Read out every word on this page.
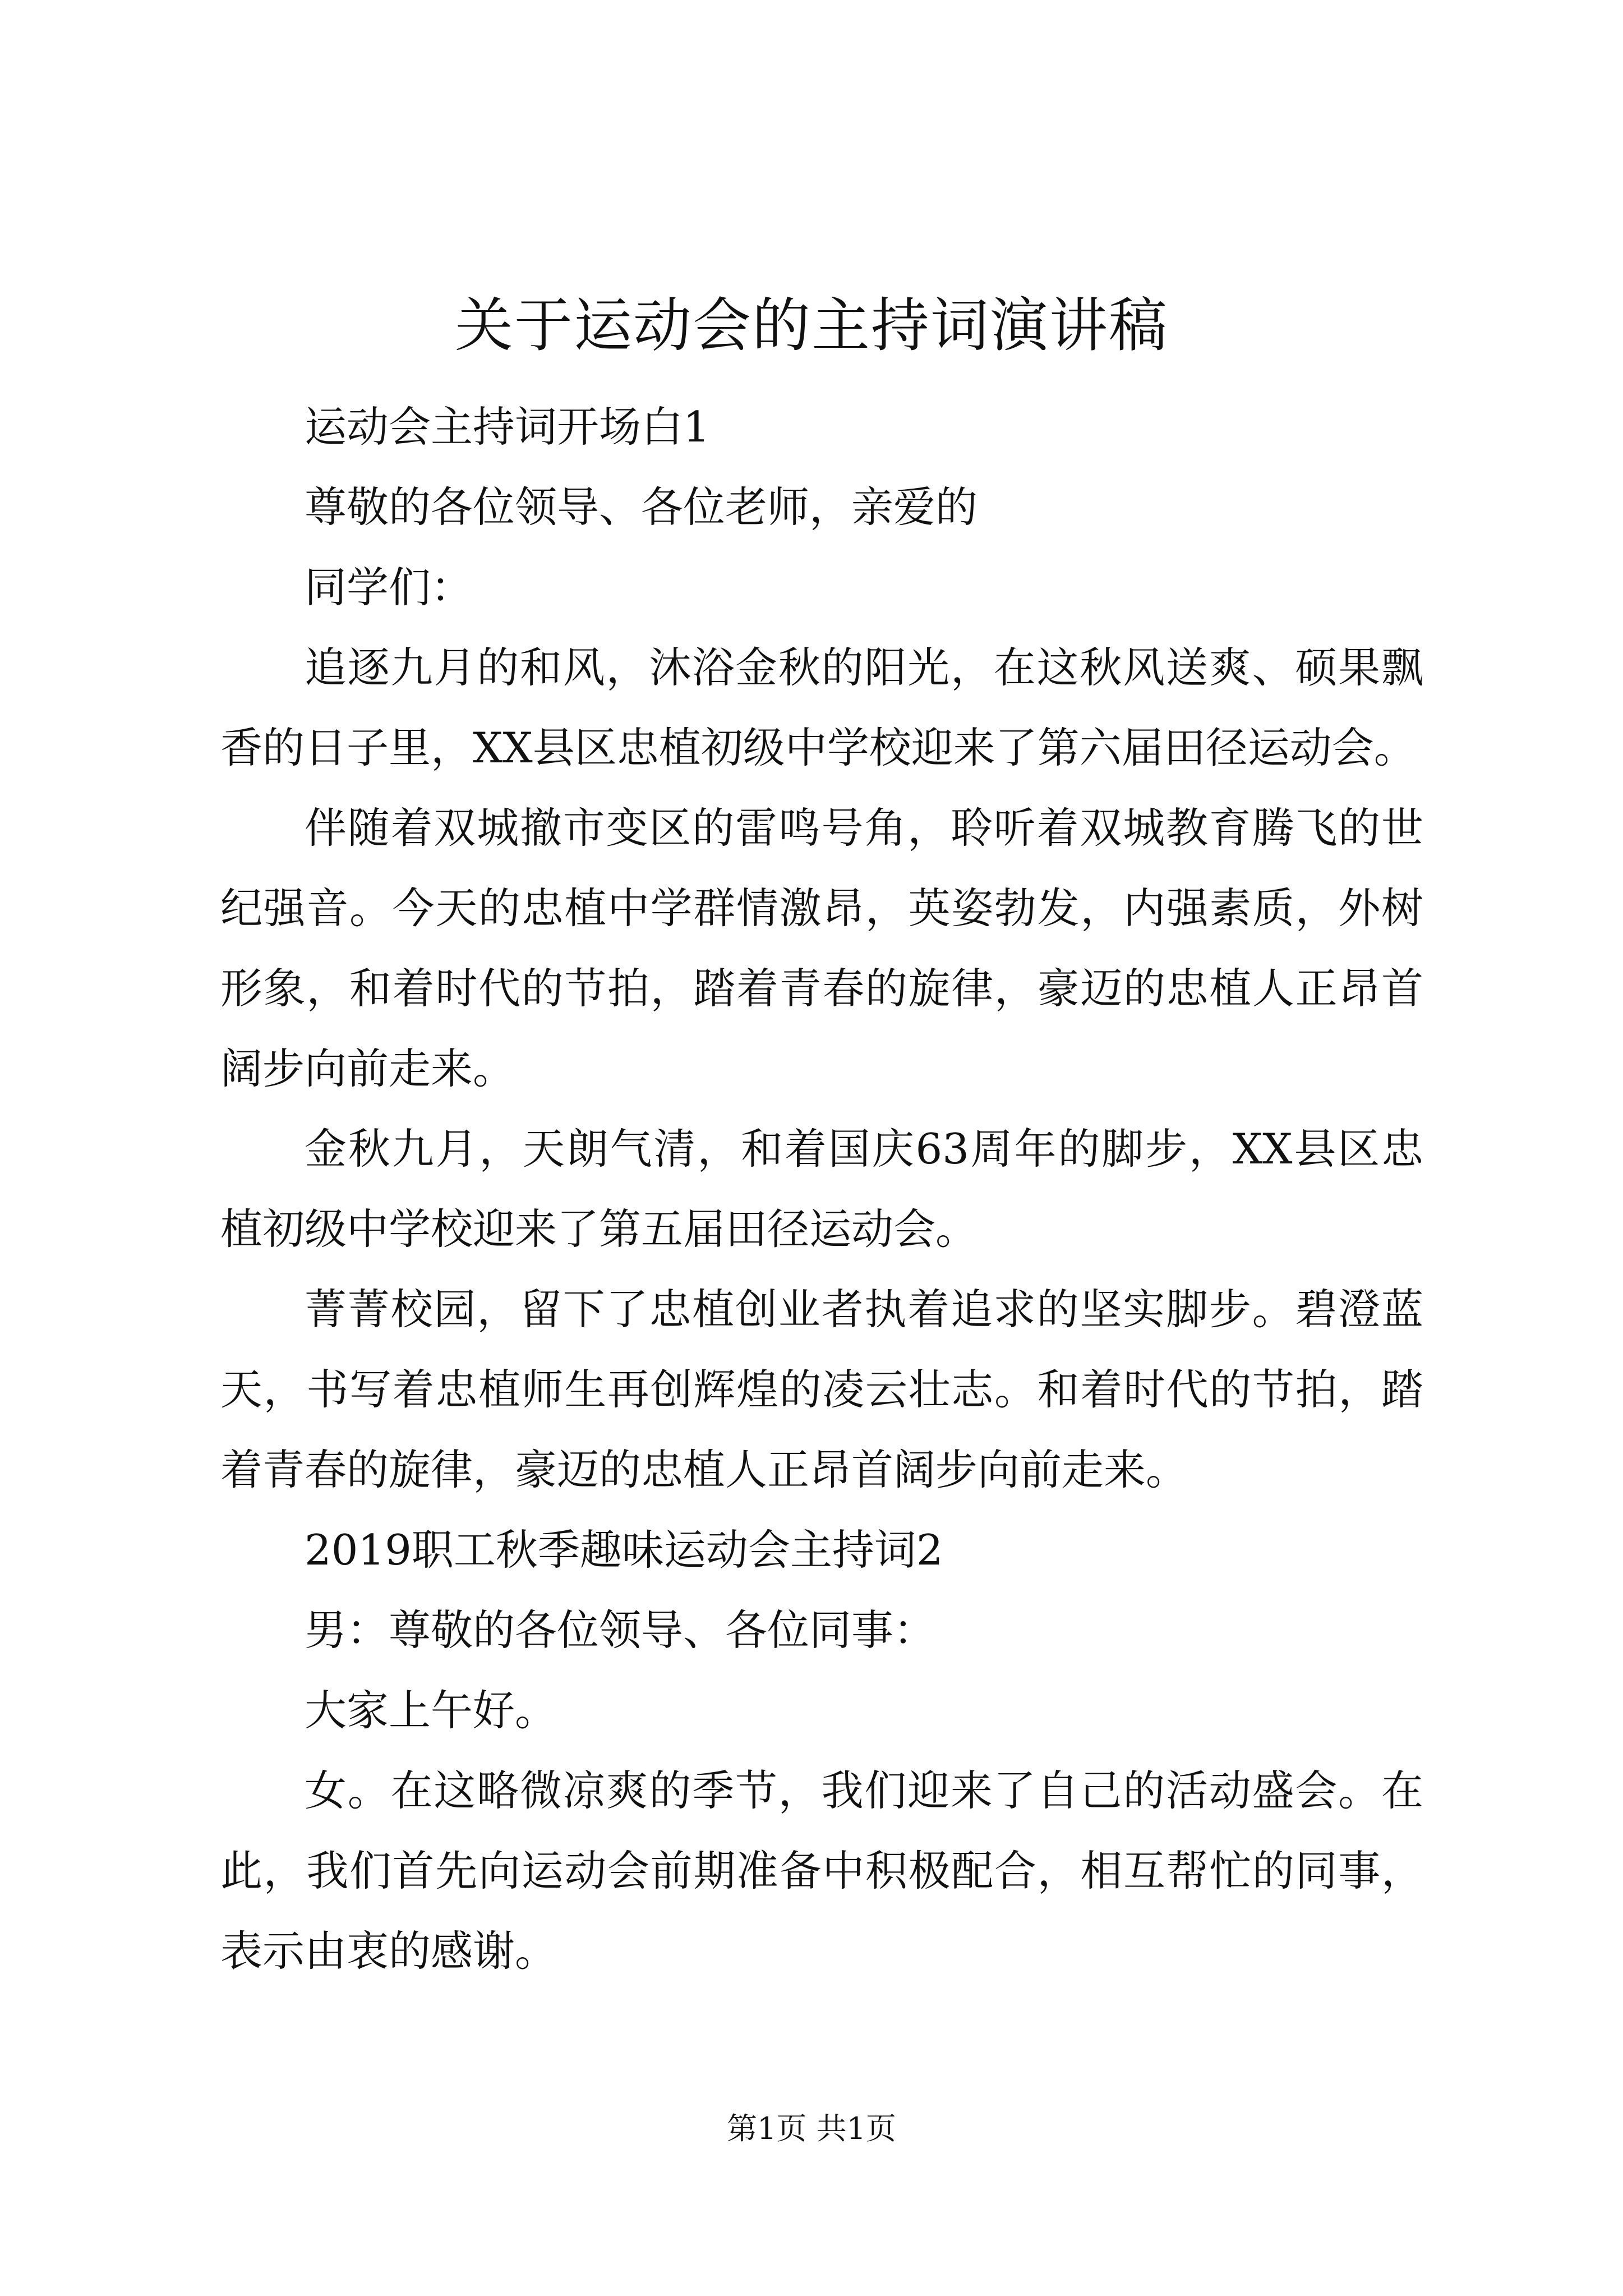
关于运动会的主持词演讲稿

运动会主持词开场白1

尊敬的各位领导、各位老师，亲爱的

同学们：

追逐九月的和风，沐浴金秋的阳光，在这秋风送爽、硕果飘香的日子里，XX县区忠植初级中学校迎来了第六届田径运动会。

伴随着双城撤市变区的雷鸣号角，聆听着双城教育腾飞的世纪强音。今天的忠植中学群情激昂，英姿勃发，内强素质，外树形象，和着时代的节拍，踏着青春的旋律，豪迈的忠植人正昂首阔步向前走来。

金秋九月，天朗气清，和着国庆63周年的脚步，XX县区忠植初级中学校迎来了第五届田径运动会。

菁菁校园，留下了忠植创业者执着追求的坚实脚步。碧澄蓝天，书写着忠植师生再创辉煌的凌云壮志。和着时代的节拍，踏着青春的旋律，豪迈的忠植人正昂首阔步向前走来。

2019职工秋季趣味运动会主持词2

男：尊敬的各位领导、各位同事：

大家上午好。

女。在这略微凉爽的季节，我们迎来了自己的活动盛会。在此，我们首先向运动会前期准备中积极配合，相互帮忙的同事，表示由衷的感谢。

第1页 共1页
